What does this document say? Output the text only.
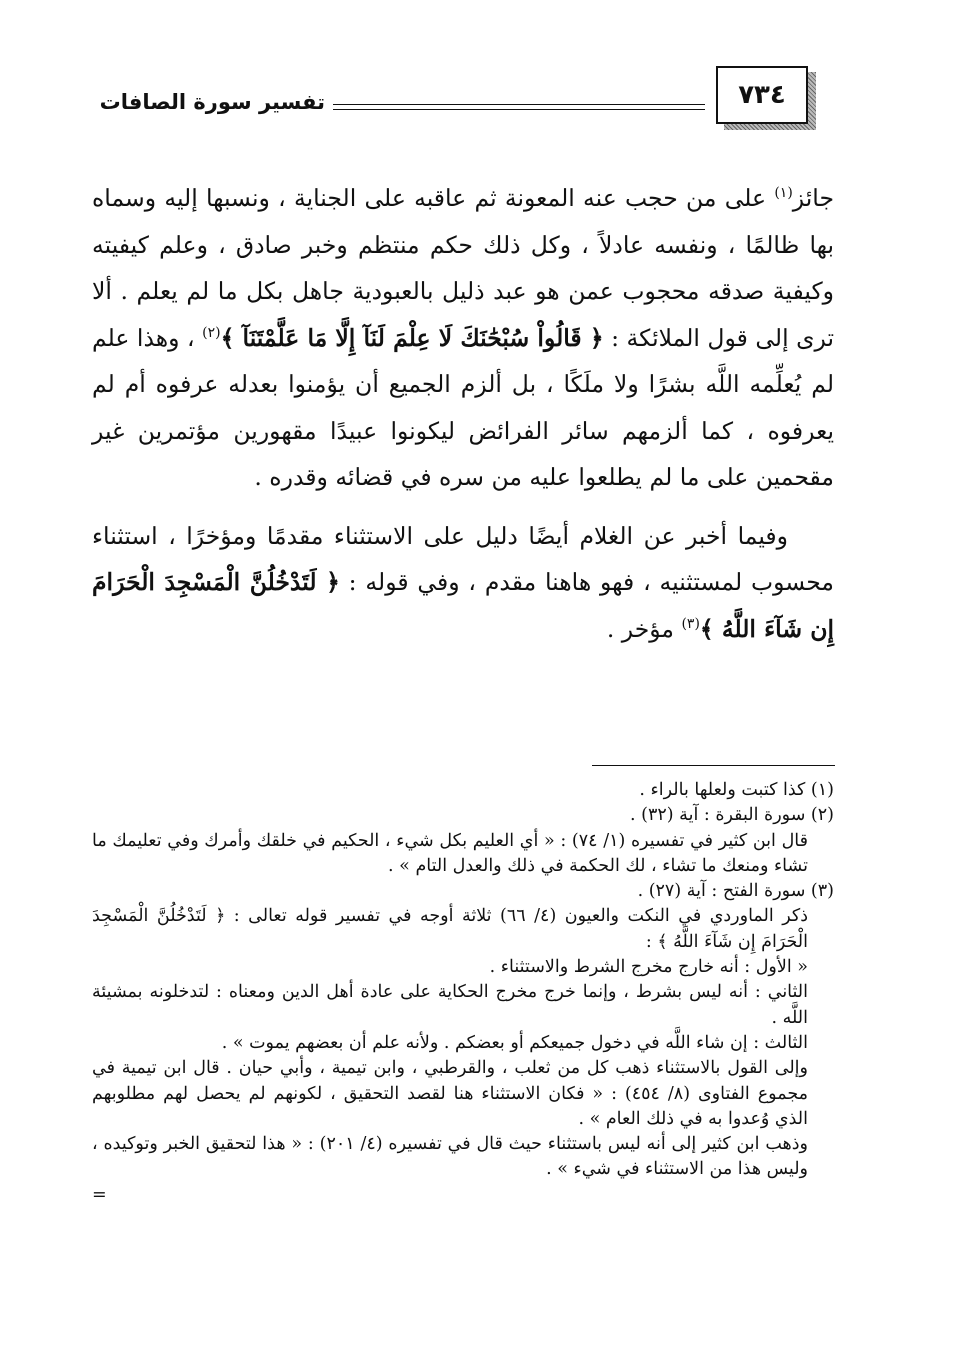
٧٣٤
تفسير سورة الصافات

جائز$^{(١)}$ على من حجب عنه المعونة ثم عاقبه على الجناية ، ونسبها إليه وسماه بها ظالمًا ، ونفسه عادلاً ، وكل ذلك حكم منتظم وخبر صادق ، وعلم كيفيته وكيفية صدقه محجوب عمن هو عبد ذليل بالعبودية جاهل بكل ما لم يعلم . ألا ترى إلى قول الملائكة : ﴿ قَالُواْ سُبْحَٰنَكَ لَا عِلْمَ لَنَآ إِلَّا مَا عَلَّمْتَنَآ ﴾$^{(٢)}$ ، وهذا علم لم يُعلِّمه اللَّه بشرًا ولا ملَكًا ، بل ألزم الجميع أن يؤمنوا بعدله عرفوه أم لم يعرفوه ، كما ألزمهم سائر الفرائض ليكونوا عبيدًا مقهورين مؤتمرين غير مقحمين على ما لم يطلعوا عليه من سره في قضائه وقدره .

وفيما أخبر عن الغلام أيضًا دليل على الاستثناء مقدمًا ومؤخرًا ، استثناء محسوب لمستثنيه ، فهو هاهنا مقدم ، وفي قوله : ﴿ لَتَدْخُلُنَّ الْمَسْجِدَ الْحَرَامَ إِن شَآءَ اللَّهُ ﴾$^{(٣)}$ مؤخر .

(١) كذا كتبت ولعلها بالراء .

(٢) سورة البقرة : آية (٣٢) .

قال ابن كثير في تفسيره (١/ ٧٤) : « أي العليم بكل شيء ، الحكيم في خلقك وأمرك وفي تعليمك ما تشاء ومنعك ما تشاء ، لك الحكمة في ذلك والعدل التام » .

(٣) سورة الفتح : آية (٢٧) .

ذكر الماوردي في النكت والعيون (٤/ ٦٦) ثلاثة أوجه في تفسير قوله تعالى : ﴿ لَتَدْخُلُنَّ الْمَسْجِدَ الْحَرَامَ إِن شَآءَ اللَّهُ ﴾ :

« الأول : أنه خارج مخرج الشرط والاستثناء .

الثاني : أنه ليس بشرط ، وإنما خرج مخرج الحكاية على عادة أهل الدين ومعناه : لتدخلونه بمشيئة اللَّه .

الثالث : إن شاء اللَّه في دخول جميعكم أو بعضكم . ولأنه علم أن بعضهم يموت » .

وإلى القول بالاستثناء ذهب كل من ثعلب ، والقرطبي ، وابن تيمية ، وأبي حيان . قال ابن تيمية في مجموع الفتاوى (٨/ ٤٥٤) : « فكان الاستثناء هنا لقصد التحقيق ، لكونهم لم يحصل لهم مطلوبهم الذي وُعدوا به في ذلك العام » .

وذهب ابن كثير إلى أنه ليس باستثناء حيث قال في تفسيره (٤/ ٢٠١) : « هذا لتحقيق الخبر وتوكيده ، وليس هذا من الاستثناء في شيء » .

=
